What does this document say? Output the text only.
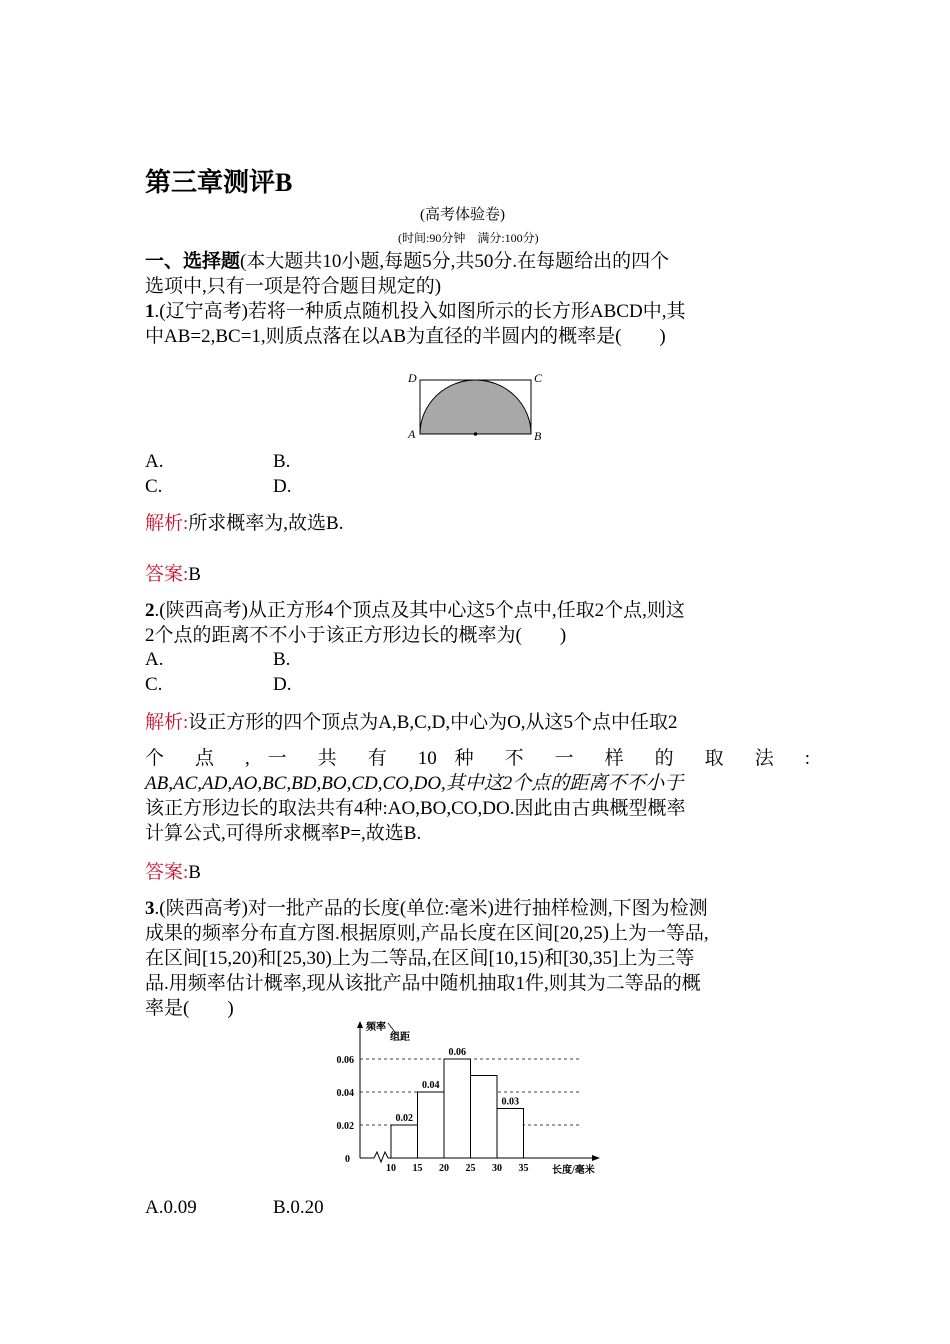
第三章测评B
(高考体验卷)
(时间:90分钟　满分:100分)
一、选择题(本大题共10小题,每题5分,共50分.在每题给出的四个
选项中,只有一项是符合题目规定的)
1.(辽宁高考)若将一种质点随机投入如图所示的长方形ABCD中,其
中AB=2,BC=1,则质点落在以AB为直径的半圆内的概率是(　　)
D	C
A	B
A.	B.
C.	D.
解析:所求概率为,故选B.
答案:B
2.(陕西高考)从正方形4个顶点及其中心这5个点中,任取2个点,则这
2个点的距离不不小于该正方形边长的概率为(　　)
A.	B.
C.	D.
解析:设正方形的四个顶点为A,B,C,D,中心为O,从这5个点中任取2
个 点 , 一 共 有 10 种 不 一 样 的 取 法 :
AB,AC,AD,AO,BC,BD,BO,CD,CO,DO,其中这2个点的距离不不小于
该正方形边长的取法共有4种:AO,BO,CO,DO.因此由古典概型概率
计算公式,可得所求概率P=,故选B.
答案:B
3.(陕西高考)对一批产品的长度(单位:毫米)进行抽样检测,下图为检测
成果的频率分布直方图.根据原则,产品长度在区间[20,25)上为一等品,
在区间[15,20)和[25,30)上为二等品,在区间[10,15)和[30,35]上为三等
品.用频率估计概率,现从该批产品中随机抽取1件,则其为二等品的概
率是(　　)
频率
组距
0
长度/毫米
0.02
0.04
0.06
0.02
0.04
0.06
0.03
10 15 20 25 30 35
A.0.09	B.0.20
